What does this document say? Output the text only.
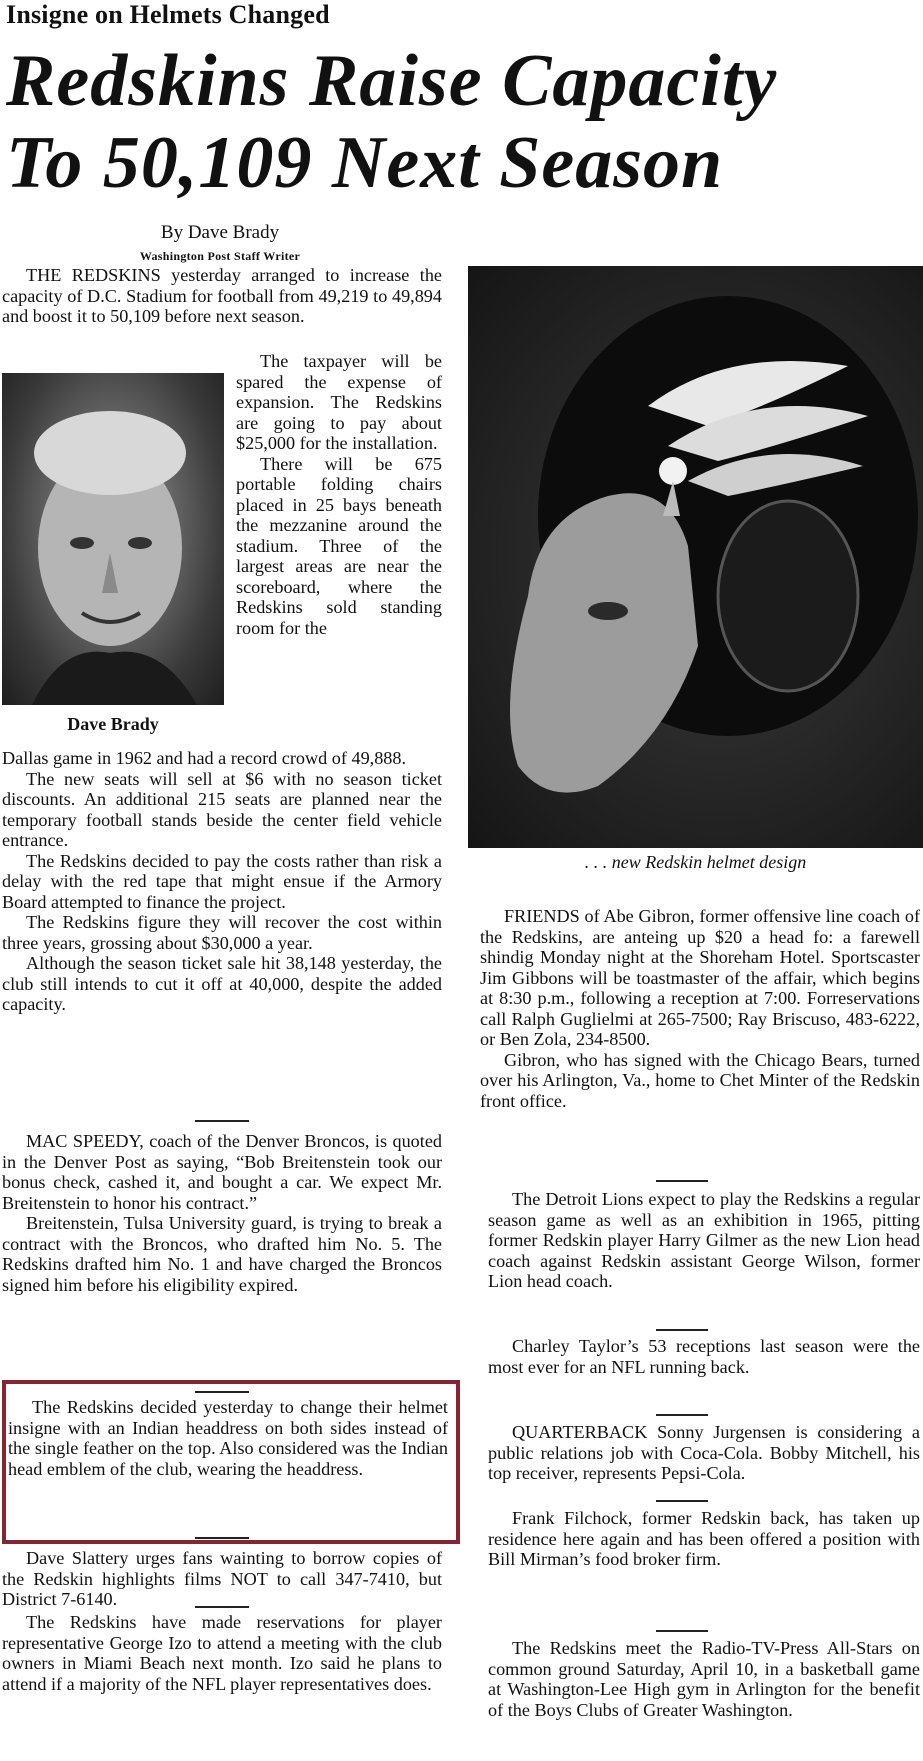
Insigne on Helmets Changed
Redskins Raise Capacity
To 50,109 Next Season
By Dave Brady
Washington Post Staff Writer

THE REDSKINS yesterday arranged to increase the capacity of D.C. Stadium for football from 49,219 to 49,894 and boost it to 50,109 before next season.

Dave Brady

The taxpayer will be spared the expense of expansion. The Redskins are going to pay about $25,000 for the installation.

There will be 675 portable folding chairs placed in 25 bays beneath the mezzanine around the stadium. Three of the largest areas are near the scoreboard, where the Redskins sold standing room for the

Dallas game in 1962 and had a record crowd of 49,888.

The new seats will sell at $6 with no season ticket discounts. An additional 215 seats are planned near the temporary football stands beside the center field vehicle entrance.

The Redskins decided to pay the costs rather than risk a delay with the red tape that might ensue if the Armory Board attempted to finance the project.

The Redskins figure they will recover the cost within three years, grossing about $30,000 a year.

Although the season ticket sale hit 38,148 yesterday, the club still intends to cut it off at 40,000, despite the added capacity.

MAC SPEEDY, coach of the Denver Broncos, is quoted in the Denver Post as saying, “Bob Breitenstein took our bonus check, cashed it, and bought a car. We expect Mr. Breitenstein to honor his contract.”

Breitenstein, Tulsa University guard, is trying to break a contract with the Broncos, who drafted him No. 5. The Redskins drafted him No. 1 and have charged the Broncos signed him before his eligibility expired.

The Redskins decided yesterday to change their helmet insigne with an Indian headdress on both sides instead of the single feather on the top. Also considered was the Indian head emblem of the club, wearing the headdress.

Dave Slattery urges fans wainting to borrow copies of the Redskin highlights films NOT to call 347-7410, but District 7-6140.

The Redskins have made reservations for player representative George Izo to attend a meeting with the club owners in Miami Beach next month. Izo said he plans to attend if a majority of the NFL player representatives does.

. . . new Redskin helmet design

FRIENDS of Abe Gibron, former offensive line coach of the Redskins, are anteing up $20 a head fo: a farewell shindig Monday night at the Shoreham Hotel. Sportscaster Jim Gibbons will be toastmaster of the affair, which begins at 8:30 p.m., following a reception at 7:00. Forreservations call Ralph Guglielmi at 265-7500; Ray Briscuso, 483-6222, or Ben Zola, 234-8500.

Gibron, who has signed with the Chicago Bears, turned over his Arlington, Va., home to Chet Minter of the Redskin front office.

The Detroit Lions expect to play the Redskins a regular season game as well as an exhibition in 1965, pitting former Redskin player Harry Gilmer as the new Lion head coach against Redskin assistant George Wilson, former Lion head coach.

Charley Taylor’s 53 receptions last season were the most ever for an NFL running back.

QUARTERBACK Sonny Jurgensen is considering a public relations job with Coca-Cola. Bobby Mitchell, his top receiver, represents Pepsi-Cola.

Frank Filchock, former Redskin back, has taken up residence here again and has been offered a position with Bill Mirman’s food broker firm.

The Redskins meet the Radio-TV-Press All-Stars on common ground Saturday, April 10, in a basketball game at Washington-Lee High gym in Arlington for the benefit of the Boys Clubs of Greater Washington.
